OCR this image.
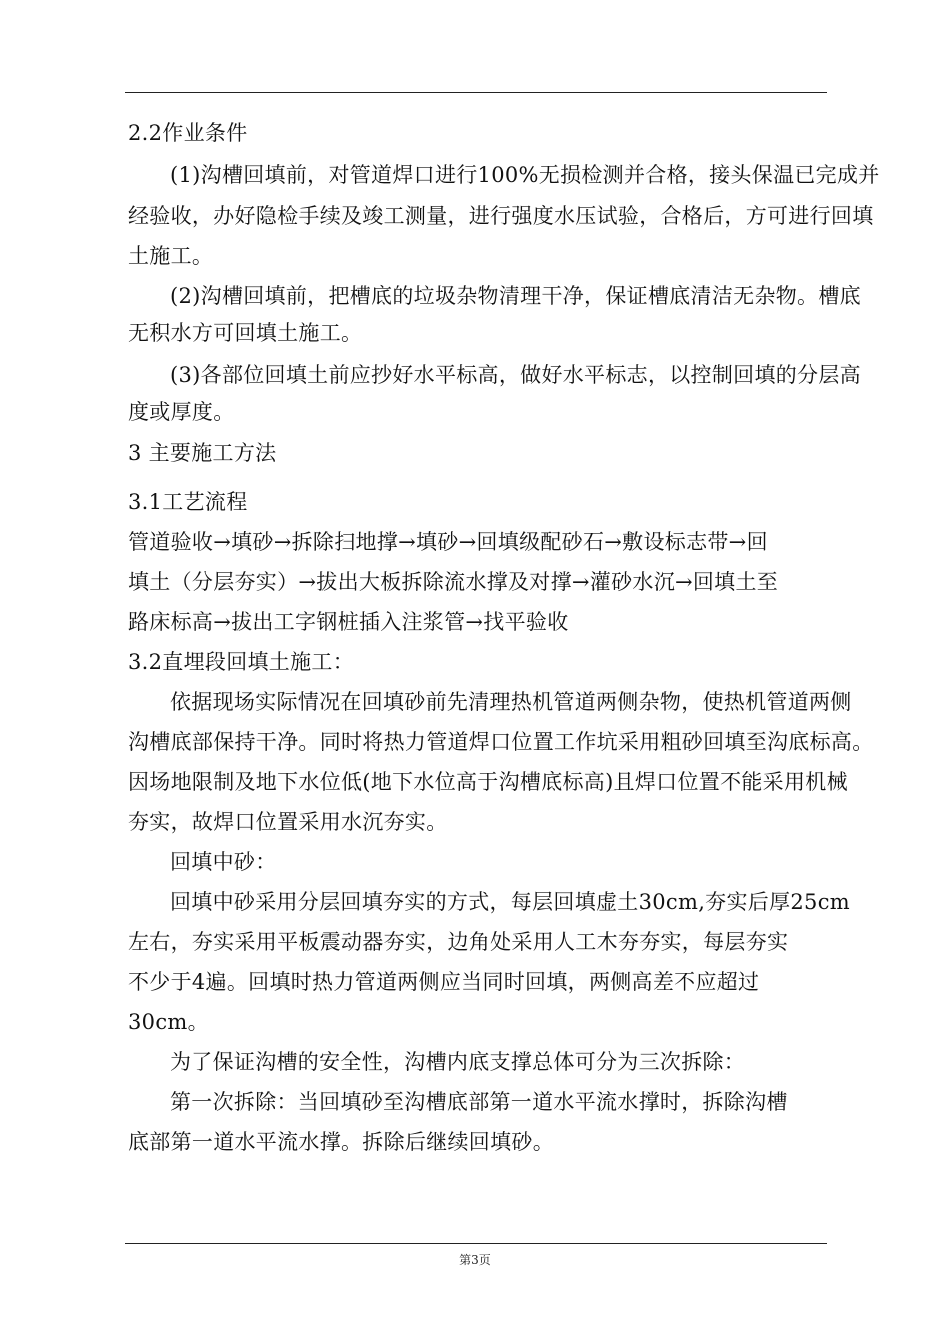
2.2作业条件
(1)沟槽回填前，对管道焊口进行100%无损检测并合格，接头保温已完成并
经验收，办好隐检手续及竣工测量，进行强度水压试验，合格后，方可进行回填
土施工。
(2)沟槽回填前，把槽底的垃圾杂物清理干净，保证槽底清洁无杂物。槽底
无积水方可回填土施工。
(3)各部位回填土前应抄好水平标高，做好水平标志，以控制回填的分层高
度或厚度。
3 主要施工方法
3.1工艺流程
管道验收→填砂→拆除扫地撑→填砂→回填级配砂石→敷设标志带→回
填土（分层夯实）→拔出大板拆除流水撑及对撑→灌砂水沉→回填土至
路床标高→拔出工字钢桩插入注浆管→找平验收
3.2直埋段回填土施工：
依据现场实际情况在回填砂前先清理热机管道两侧杂物，使热机管道两侧
沟槽底部保持干净。同时将热力管道焊口位置工作坑采用粗砂回填至沟底标高。
因场地限制及地下水位低(地下水位高于沟槽底标高)且焊口位置不能采用机械
夯实，故焊口位置采用水沉夯实。
回填中砂：
回填中砂采用分层回填夯实的方式，每层回填虚土30cm,夯实后厚25cm
左右，夯实采用平板震动器夯实，边角处采用人工木夯夯实，每层夯实
不少于4遍。回填时热力管道两侧应当同时回填，两侧高差不应超过
30cm。
为了保证沟槽的安全性，沟槽内底支撑总体可分为三次拆除：
第一次拆除：当回填砂至沟槽底部第一道水平流水撑时，拆除沟槽
底部第一道水平流水撑。拆除后继续回填砂。
第3页
